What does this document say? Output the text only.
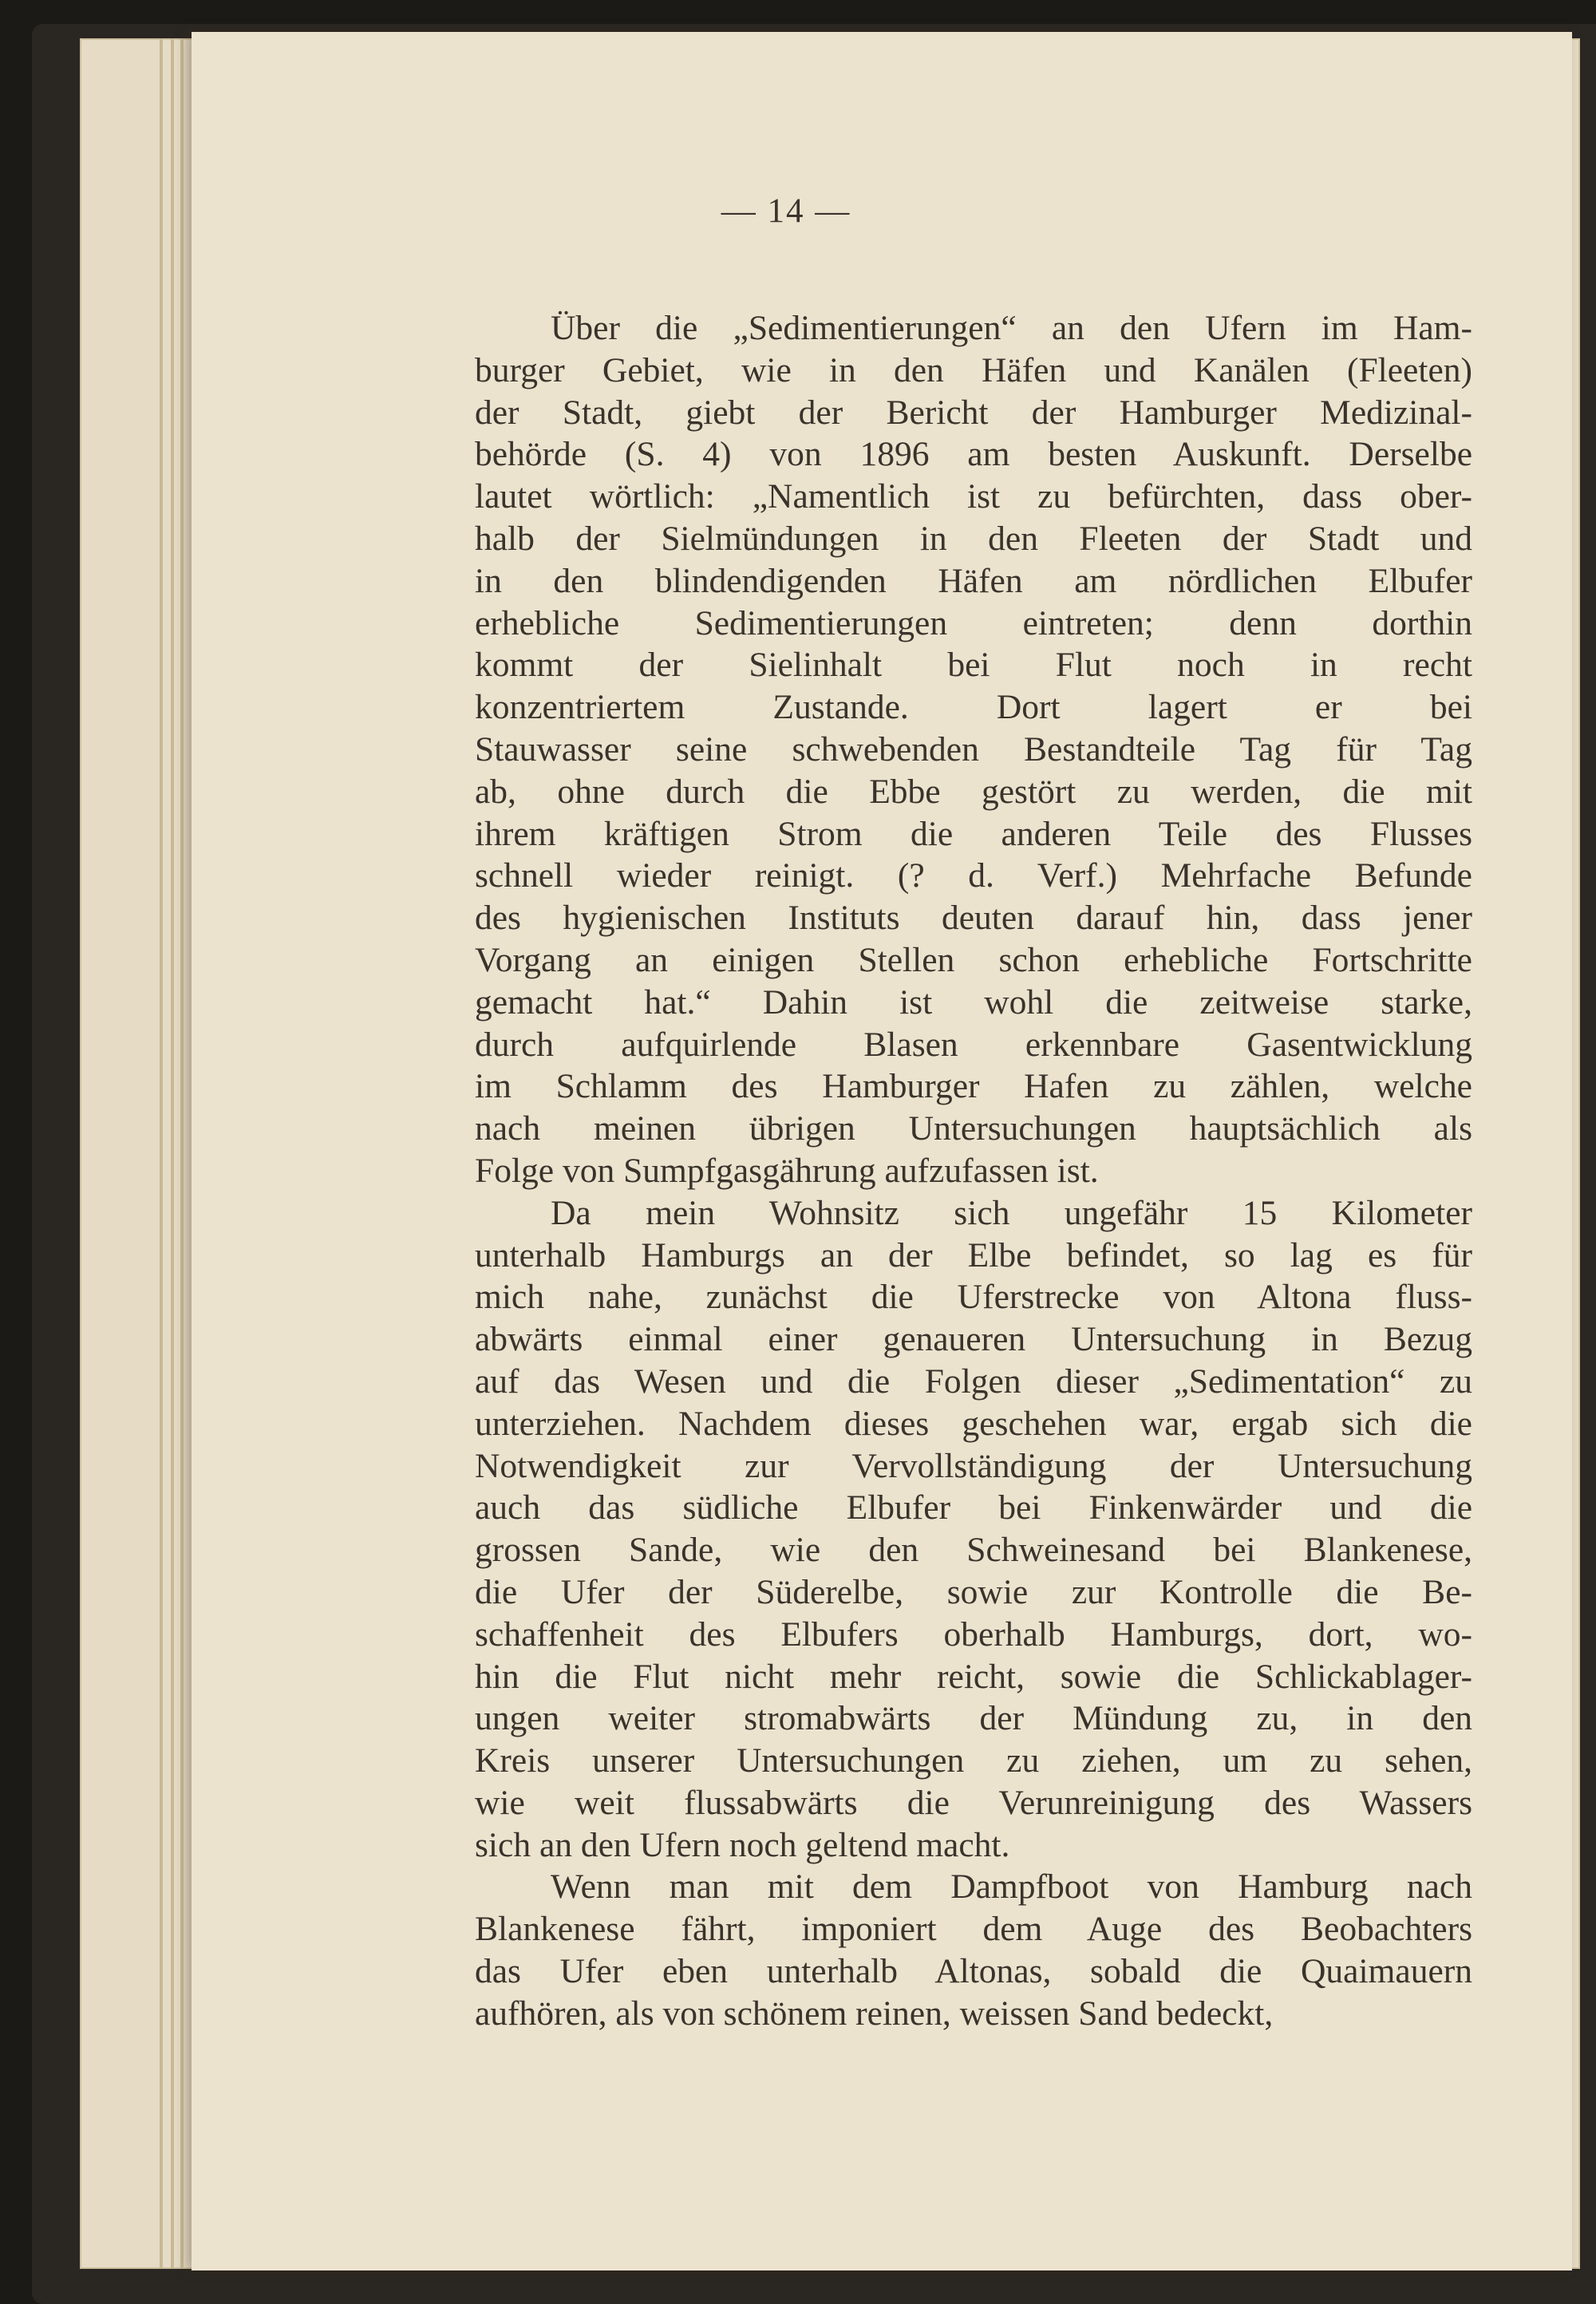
— 14 —
Über die „Sedimentierungen“ an den Ufern im Ham-
burger Gebiet, wie in den Häfen und Kanälen (Fleeten)
der Stadt, giebt der Bericht der Hamburger Medizinal-
behörde (S. 4) von 1896 am besten Auskunft. Derselbe
lautet wörtlich: „Namentlich ist zu befürchten, dass ober-
halb der Sielmündungen in den Fleeten der Stadt und
in den blindendigenden Häfen am nördlichen Elbufer
erhebliche Sedimentierungen eintreten; denn dorthin
kommt der Sielinhalt bei Flut noch in recht
konzentriertem Zustande. Dort lagert er bei
Stauwasser seine schwebenden Bestandteile Tag für Tag
ab, ohne durch die Ebbe gestört zu werden, die mit
ihrem kräftigen Strom die anderen Teile des Flusses
schnell wieder reinigt. (? d. Verf.) Mehrfache Befunde
des hygienischen Instituts deuten darauf hin, dass jener
Vorgang an einigen Stellen schon erhebliche Fortschritte
gemacht hat.“ Dahin ist wohl die zeitweise starke,
durch aufquirlende Blasen erkennbare Gasentwicklung
im Schlamm des Hamburger Hafen zu zählen, welche
nach meinen übrigen Untersuchungen hauptsächlich als
Folge von Sumpfgasgährung aufzufassen ist.
Da mein Wohnsitz sich ungefähr 15 Kilometer
unterhalb Hamburgs an der Elbe befindet, so lag es für
mich nahe, zunächst die Uferstrecke von Altona fluss-
abwärts einmal einer genaueren Untersuchung in Bezug
auf das Wesen und die Folgen dieser „Sedimentation“ zu
unterziehen. Nachdem dieses geschehen war, ergab sich die
Notwendigkeit zur Vervollständigung der Untersuchung
auch das südliche Elbufer bei Finkenwärder und die
grossen Sande, wie den Schweinesand bei Blankenese,
die Ufer der Süderelbe, sowie zur Kontrolle die Be-
schaffenheit des Elbufers oberhalb Hamburgs, dort, wo-
hin die Flut nicht mehr reicht, sowie die Schlickablager-
ungen weiter stromabwärts der Mündung zu, in den
Kreis unserer Untersuchungen zu ziehen, um zu sehen,
wie weit flussabwärts die Verunreinigung des Wassers
sich an den Ufern noch geltend macht.
Wenn man mit dem Dampfboot von Hamburg nach
Blankenese fährt, imponiert dem Auge des Beobachters
das Ufer eben unterhalb Altonas, sobald die Quaimauern
aufhören, als von schönem reinen, weissen Sand bedeckt,
